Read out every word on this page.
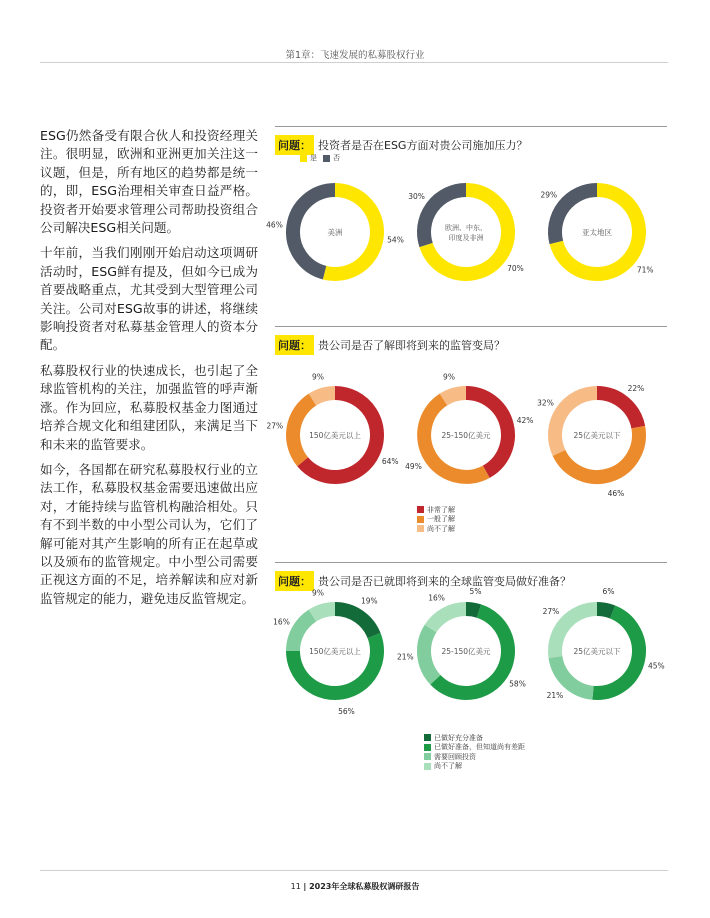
第1章：飞速发展的私募股权行业

ESG仍然备受有限合伙人和投资经理关注。很明显，欧洲和亚洲更加关注这一议题，但是，所有地区的趋势都是统一的，即，ESG治理相关审查日益严格。投资者开始要求管理公司帮助投资组合公司解决ESG相关问题。

十年前，当我们刚刚开始启动这项调研活动时，ESG鲜有提及，但如今已成为首要战略重点，尤其受到大型管理公司关注。公司对ESG故事的讲述，将继续影响投资者对私募基金管理人的资本分配。

私募股权行业的快速成长，也引起了全球监管机构的关注，加强监管的呼声渐涨。作为回应，私募股权基金力图通过培养合规文化和组建团队，来满足当下和未来的监管要求。

如今，各国都在研究私募股权行业的立法工作，私募股权基金需要迅速做出应对，才能持续与监管机构融洽相处。只有不到半数的中小型公司认为，它们了解可能对其产生影响的所有正在起草或以及颁布的监管规定。中小型公司需要正视这方面的不足，培养解读和应对新监管规定的能力，避免违反监管规定。

问题： 投资者是否在ESG方面对贵公司施加压力？
是	否
问题： 贵公司是否了解即将到来的监管变局？
非常了解
一般了解
尚不了解
问题： 贵公司是否已就即将到来的全球监管变局做好准备？
已做好充分准备
已做好准备，但知道尚有差距
需要回顾投资
尚不了解
54%
46%
美洲
70%
30%
欧洲、中东、
印度及非洲
71%
29%
亚太地区
64%
27%
9%
150亿美元以上
42%
49%
9%
25-150亿美元
22%
46%
32%
25亿美元以下
19%
56%
16%
9%
150亿美元以上
5%
58%
21%
16%
25-150亿美元
6%
45%
21%
27%
25亿美元以下
11 | 2023年全球私募股权调研报告
